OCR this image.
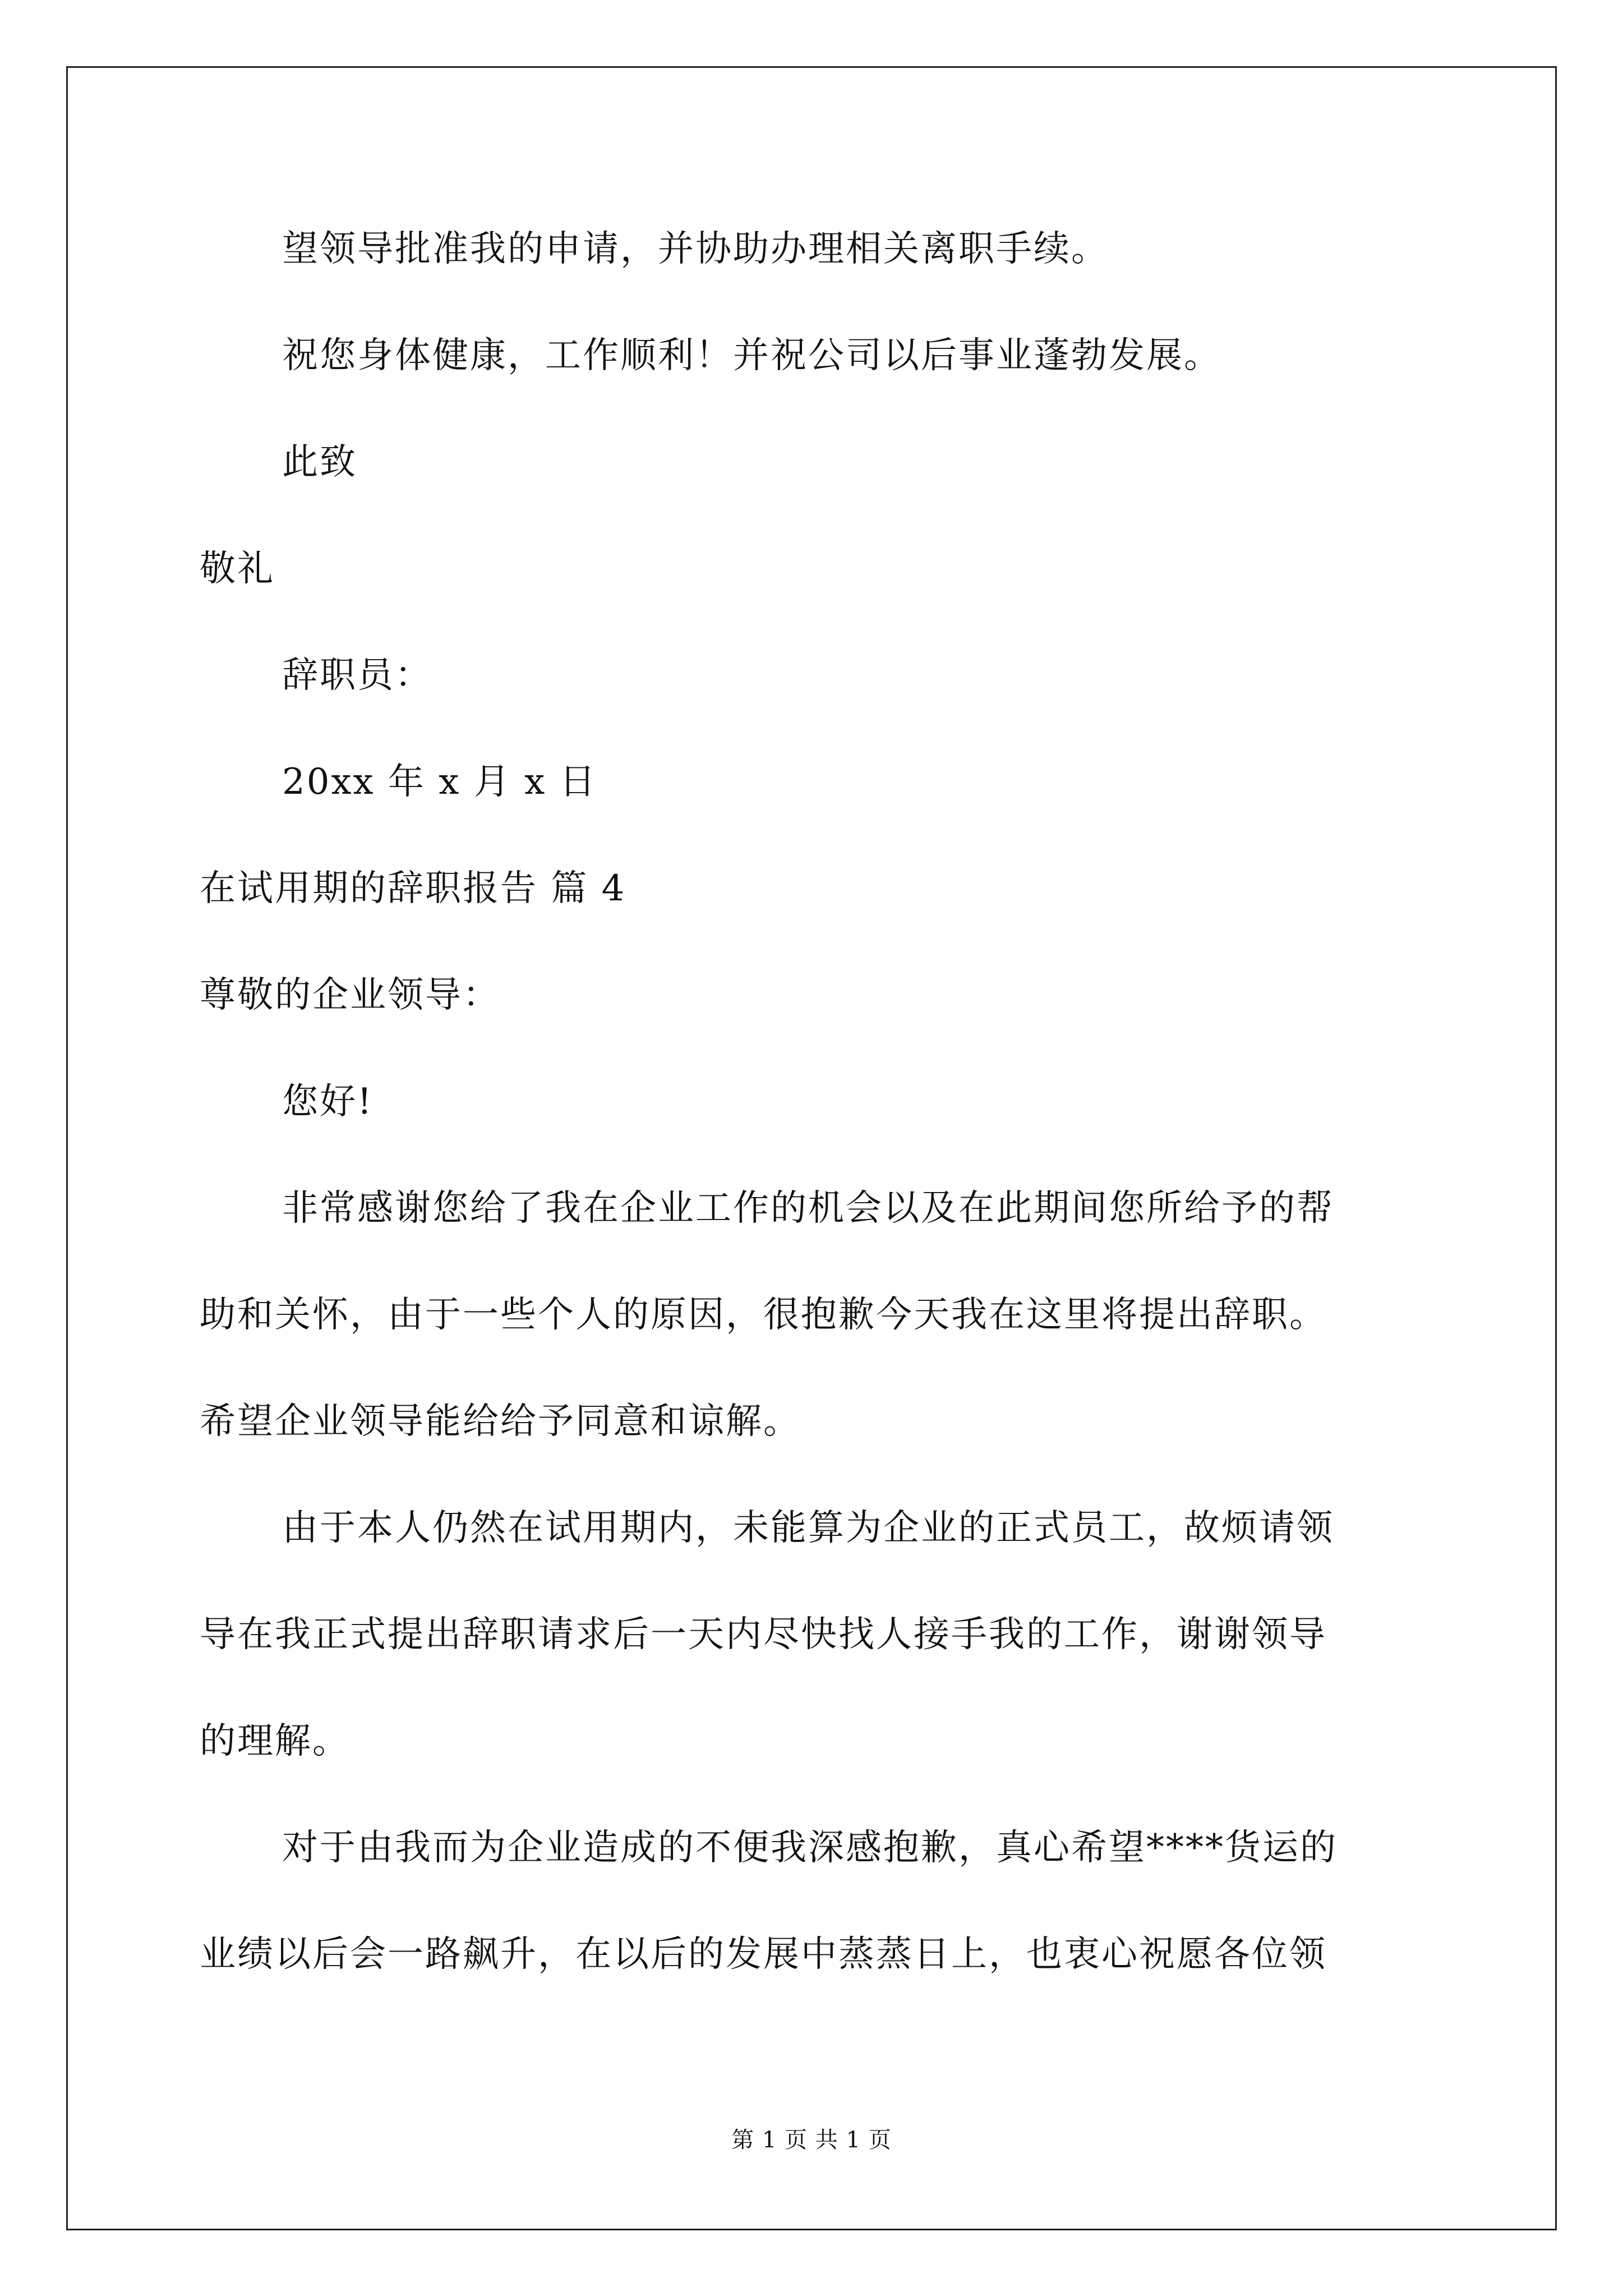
望领导批准我的申请，并协助办理相关离职手续。
祝您身体健康，工作顺利！并祝公司以后事业蓬勃发展。
此致
敬礼
辞职员：
20xx 年 x 月 x 日
在试用期的辞职报告 篇 4
尊敬的企业领导：
您好!
非常感谢您给了我在企业工作的机会以及在此期间您所给予的帮
助和关怀，由于一些个人的原因，很抱歉今天我在这里将提出辞职。
希望企业领导能给给予同意和谅解。
由于本人仍然在试用期内，未能算为企业的正式员工，故烦请领
导在我正式提出辞职请求后一天内尽快找人接手我的工作，谢谢领导
的理解。
对于由我而为企业造成的不便我深感抱歉，真心希望****货运的
业绩以后会一路飙升，在以后的发展中蒸蒸日上，也衷心祝愿各位领
第 1 页 共 1 页
